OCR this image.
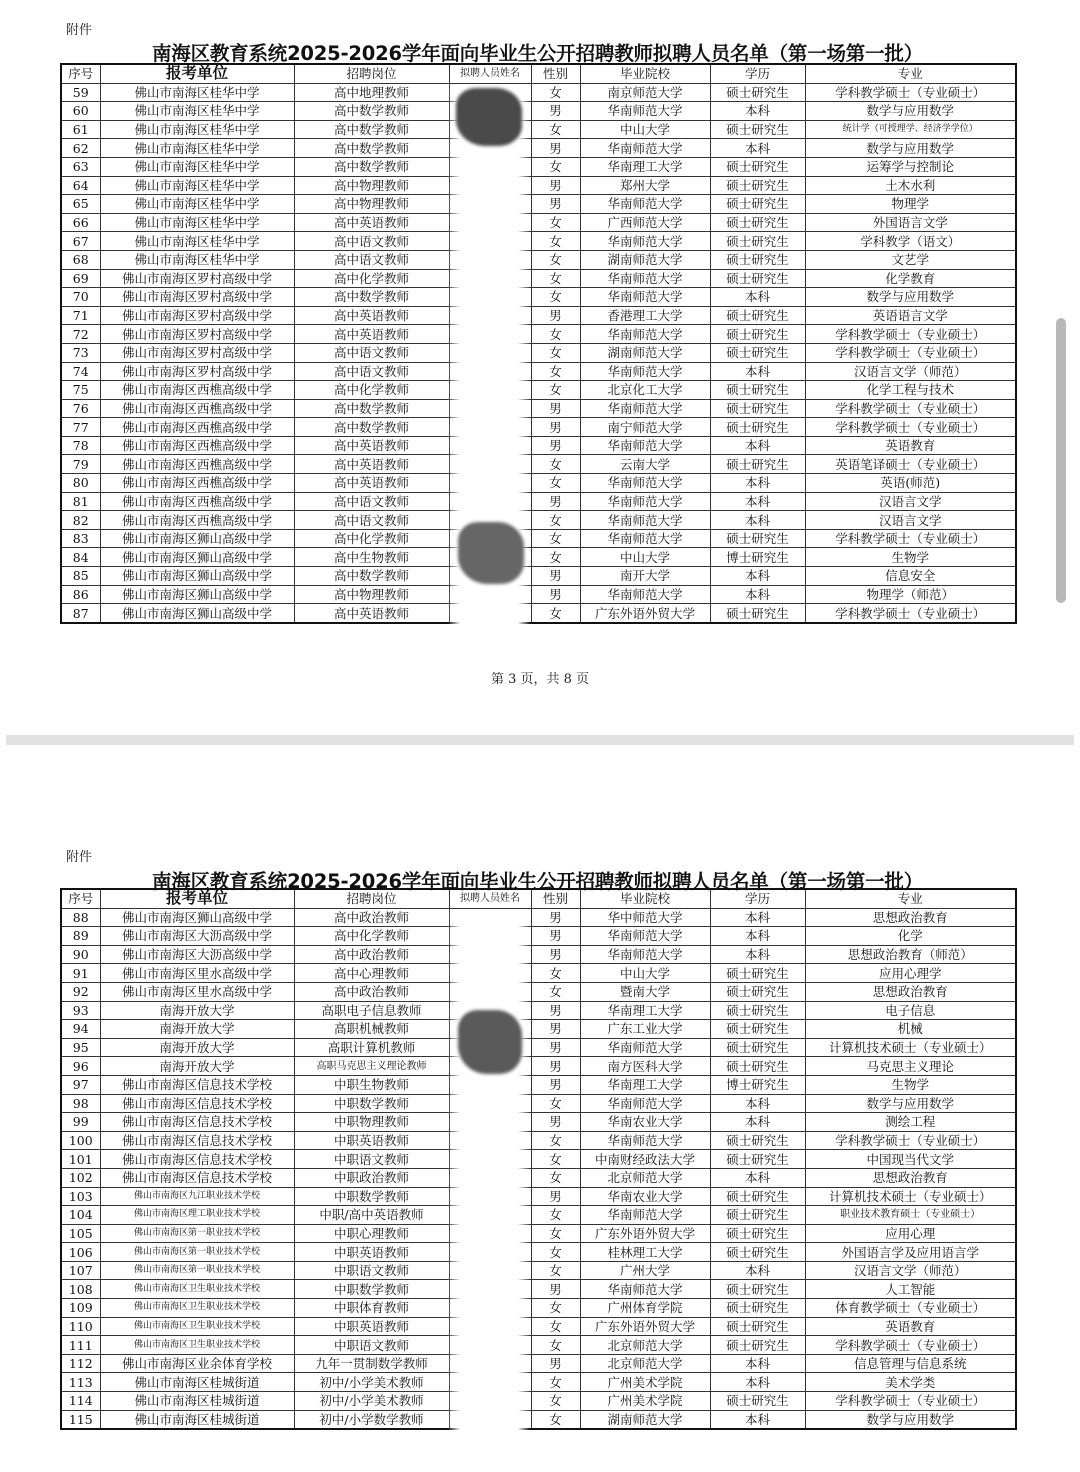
附件
南海区教育系统2025-2026学年面向毕业生公开招聘教师拟聘人员名单（第一场第一批）
序号	报考单位	招聘岗位	拟聘人员姓名	性别	毕业院校	学历	专业
59	佛山市南海区桂华中学	高中地理教师		女	南京师范大学	硕士研究生	学科教学硕士（专业硕士）
60	佛山市南海区桂华中学	高中数学教师		男	华南师范大学	本科	数学与应用数学
61	佛山市南海区桂华中学	高中数学教师		女	中山大学	硕士研究生	统计学（可授理学、经济学学位）
62	佛山市南海区桂华中学	高中数学教师		男	华南师范大学	本科	数学与应用数学
63	佛山市南海区桂华中学	高中数学教师		女	华南理工大学	硕士研究生	运筹学与控制论
64	佛山市南海区桂华中学	高中物理教师		男	郑州大学	硕士研究生	土木水利
65	佛山市南海区桂华中学	高中物理教师		男	华南师范大学	硕士研究生	物理学
66	佛山市南海区桂华中学	高中英语教师		女	广西师范大学	硕士研究生	外国语言文学
67	佛山市南海区桂华中学	高中语文教师		女	华南师范大学	硕士研究生	学科教学（语文）
68	佛山市南海区桂华中学	高中语文教师		女	湖南师范大学	硕士研究生	文艺学
69	佛山市南海区罗村高级中学	高中化学教师		女	华南师范大学	硕士研究生	化学教育
70	佛山市南海区罗村高级中学	高中数学教师		女	华南师范大学	本科	数学与应用数学
71	佛山市南海区罗村高级中学	高中英语教师		男	香港理工大学	硕士研究生	英语语言文学
72	佛山市南海区罗村高级中学	高中英语教师		女	华南师范大学	硕士研究生	学科教学硕士（专业硕士）
73	佛山市南海区罗村高级中学	高中语文教师		女	湖南师范大学	硕士研究生	学科教学硕士（专业硕士）
74	佛山市南海区罗村高级中学	高中语文教师		女	华南师范大学	本科	汉语言文学（师范）
75	佛山市南海区西樵高级中学	高中化学教师		女	北京化工大学	硕士研究生	化学工程与技术
76	佛山市南海区西樵高级中学	高中数学教师		男	华南师范大学	硕士研究生	学科教学硕士（专业硕士）
77	佛山市南海区西樵高级中学	高中数学教师		男	南宁师范大学	硕士研究生	学科教学硕士（专业硕士）
78	佛山市南海区西樵高级中学	高中英语教师		男	华南师范大学	本科	英语教育
79	佛山市南海区西樵高级中学	高中英语教师		女	云南大学	硕士研究生	英语笔译硕士（专业硕士）
80	佛山市南海区西樵高级中学	高中英语教师		女	华南师范大学	本科	英语(师范)
81	佛山市南海区西樵高级中学	高中语文教师		男	华南师范大学	本科	汉语言文学
82	佛山市南海区西樵高级中学	高中语文教师		女	华南师范大学	本科	汉语言文学
83	佛山市南海区狮山高级中学	高中化学教师		女	华南师范大学	硕士研究生	学科教学硕士（专业硕士）
84	佛山市南海区狮山高级中学	高中生物教师		女	中山大学	博士研究生	生物学
85	佛山市南海区狮山高级中学	高中数学教师		男	南开大学	本科	信息安全
86	佛山市南海区狮山高级中学	高中物理教师		男	华南师范大学	本科	物理学（师范）
87	佛山市南海区狮山高级中学	高中英语教师		女	广东外语外贸大学	硕士研究生	学科教学硕士（专业硕士）
第 3 页，共 8 页
附件
南海区教育系统2025-2026学年面向毕业生公开招聘教师拟聘人员名单（第一场第一批）
序号	报考单位	招聘岗位	拟聘人员姓名	性别	毕业院校	学历	专业
88	佛山市南海区狮山高级中学	高中政治教师		男	华中师范大学	本科	思想政治教育
89	佛山市南海区大沥高级中学	高中化学教师		男	华南师范大学	本科	化学
90	佛山市南海区大沥高级中学	高中政治教师		男	华南师范大学	本科	思想政治教育（师范）
91	佛山市南海区里水高级中学	高中心理教师		女	中山大学	硕士研究生	应用心理学
92	佛山市南海区里水高级中学	高中政治教师		女	暨南大学	硕士研究生	思想政治教育
93	南海开放大学	高职电子信息教师		男	华南理工大学	硕士研究生	电子信息
94	南海开放大学	高职机械教师		男	广东工业大学	硕士研究生	机械
95	南海开放大学	高职计算机教师		男	华南师范大学	硕士研究生	计算机技术硕士（专业硕士）
96	南海开放大学	高职马克思主义理论教师		男	南方医科大学	硕士研究生	马克思主义理论
97	佛山市南海区信息技术学校	中职生物教师		男	华南理工大学	博士研究生	生物学
98	佛山市南海区信息技术学校	中职数学教师		女	华南师范大学	本科	数学与应用数学
99	佛山市南海区信息技术学校	中职物理教师		男	华南农业大学	本科	测绘工程
100	佛山市南海区信息技术学校	中职英语教师		女	华南师范大学	硕士研究生	学科教学硕士（专业硕士）
101	佛山市南海区信息技术学校	中职语文教师		女	中南财经政法大学	硕士研究生	中国现当代文学
102	佛山市南海区信息技术学校	中职政治教师		女	北京师范大学	本科	思想政治教育
103	佛山市南海区九江职业技术学校	中职数学教师		男	华南农业大学	硕士研究生	计算机技术硕士（专业硕士）
104	佛山市南海区理工职业技术学校	中职/高中英语教师		女	华南师范大学	硕士研究生	职业技术教育硕士（专业硕士）
105	佛山市南海区第一职业技术学校	中职心理教师		女	广东外语外贸大学	硕士研究生	应用心理
106	佛山市南海区第一职业技术学校	中职英语教师		女	桂林理工大学	硕士研究生	外国语言学及应用语言学
107	佛山市南海区第一职业技术学校	中职语文教师		女	广州大学	本科	汉语言文学（师范）
108	佛山市南海区卫生职业技术学校	中职数学教师		男	华南师范大学	硕士研究生	人工智能
109	佛山市南海区卫生职业技术学校	中职体育教师		女	广州体育学院	硕士研究生	体育教学硕士（专业硕士）
110	佛山市南海区卫生职业技术学校	中职英语教师		女	广东外语外贸大学	硕士研究生	英语教育
111	佛山市南海区卫生职业技术学校	中职语文教师		女	北京师范大学	硕士研究生	学科教学硕士（专业硕士）
112	佛山市南海区业余体育学校	九年一贯制数学教师		男	北京师范大学	本科	信息管理与信息系统
113	佛山市南海区桂城街道	初中/小学美术教师		女	广州美术学院	本科	美术学类
114	佛山市南海区桂城街道	初中/小学美术教师		女	广州美术学院	硕士研究生	学科教学硕士（专业硕士）
115	佛山市南海区桂城街道	初中/小学数学教师		女	湖南师范大学	本科	数学与应用数学
